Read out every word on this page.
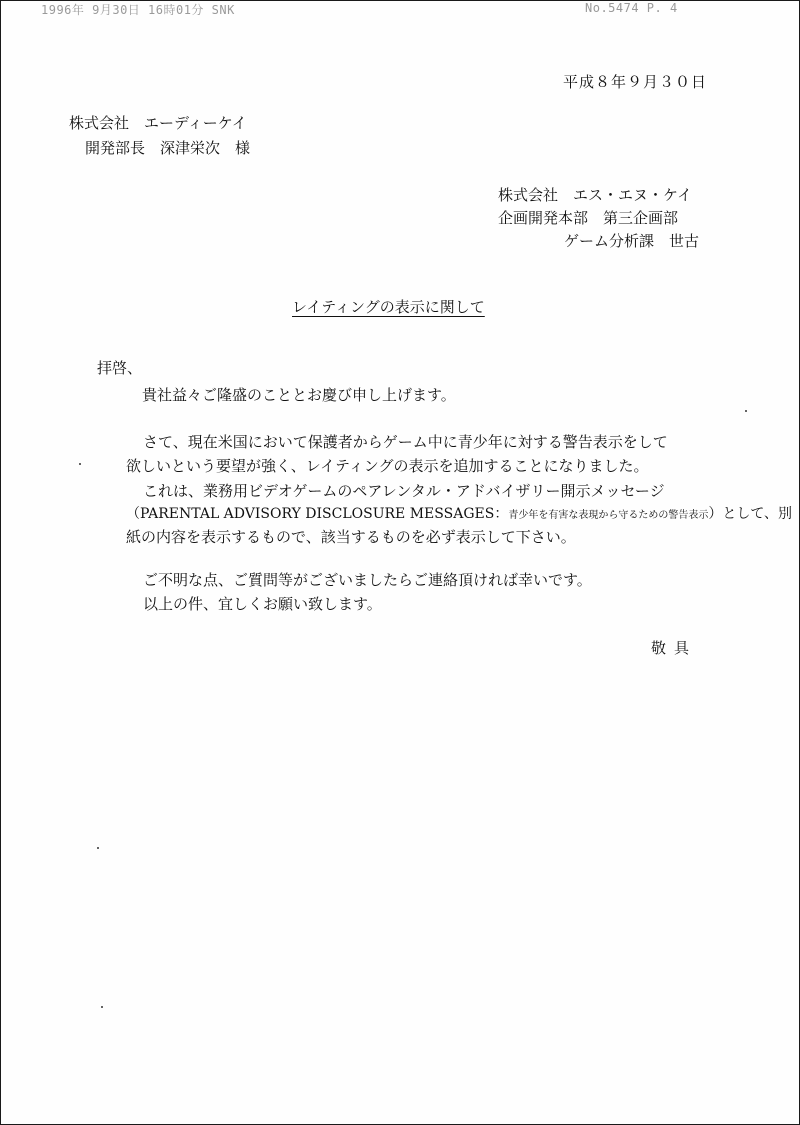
1996年 9月30日 16時01分 SNK	No.5474 P. 4
平成８年９月３０日
株式会社　エーディーケイ
開発部長　深津栄次　様
株式会社　エス・エヌ・ケイ
企画開発本部　第三企画部
ゲーム分析課　世古
レイティングの表示に関して
拝啓、
貴社益々ご隆盛のこととお慶び申し上げます。
さて、現在米国において保護者からゲーム中に青少年に対する警告表示をして
欲しいという要望が強く、レイティングの表示を追加することになりました。
これは、業務用ビデオゲームのペアレンタル・アドバイザリー開示メッセージ
（PARENTAL ADVISORY DISCLOSURE MESSAGES：青少年を有害な表現から守るための警告表示）として、別
紙の内容を表示するもので、該当するものを必ず表示して下さい。
ご不明な点、ご質問等がございましたらご連絡頂ければ幸いです。
以上の件、宜しくお願い致します。
敬具
